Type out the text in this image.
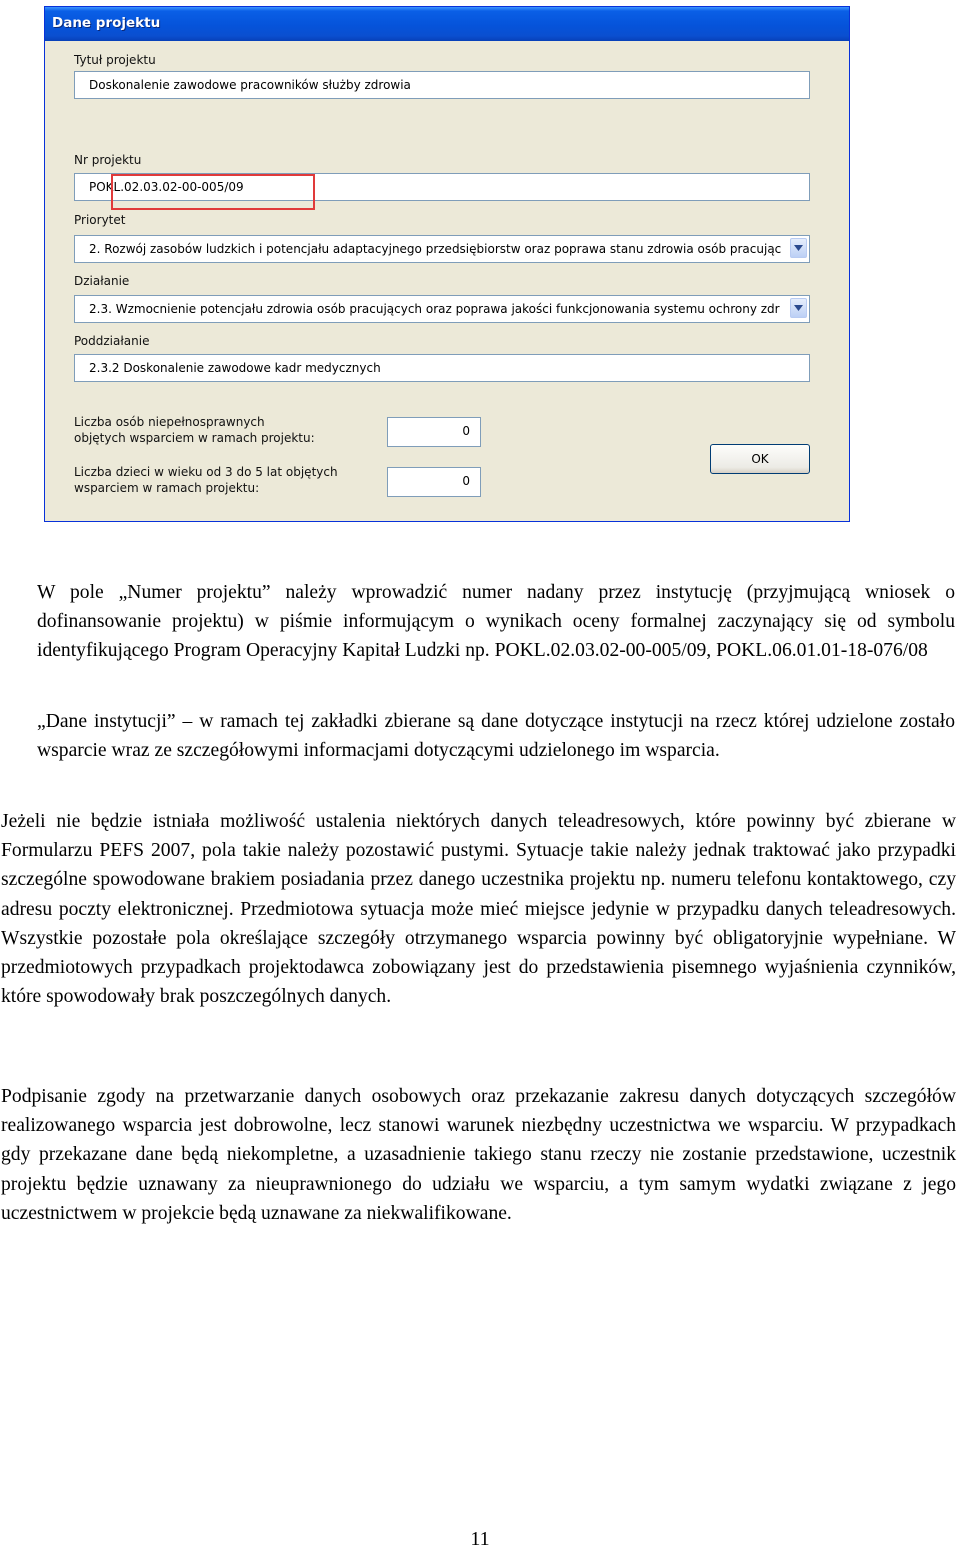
Dane projektu
Tytuł projektu
Doskonalenie zawodowe pracowników służby zdrowia
Nr projektu
POKL.02.03.02-00-005/09
Priorytet
2. Rozwój zasobów ludzkich i potencjału adaptacyjnego przedsiębiorstw oraz poprawa stanu zdrowia osób pracując
Działanie
2.3. Wzmocnienie potencjału zdrowia osób pracujących oraz poprawa jakości funkcjonowania systemu ochrony zdr
Poddziałanie
2.3.2 Doskonalenie zawodowe kadr medycznych
Liczba osób niepełnosprawnych
objętych wsparciem w ramach projektu:	0
Liczba dzieci w wieku od 3 do 5 lat objętych
wsparciem w ramach projektu:	0
OK

W pole „Numer projektu” należy wprowadzić numer nadany przez instytucję (przyjmującą wniosek o dofinansowanie projektu) w piśmie informującym o wynikach oceny formalnej zaczynający się od symbolu identyfikującego Program Operacyjny Kapitał Ludzki np. POKL.02.03.02-00-005/09, POKL.06.01.01-18-076/08

„Dane instytucji” – w ramach tej zakładki zbierane są dane dotyczące instytucji na rzecz której udzielone zostało wsparcie wraz ze szczegółowymi informacjami dotyczącymi udzielonego im wsparcia.

Jeżeli nie będzie istniała możliwość ustalenia niektórych danych teleadresowych, które powinny być zbierane w Formularzu PEFS 2007, pola takie należy pozostawić pustymi. Sytuacje takie należy jednak traktować jako przypadki szczególne spowodowane brakiem posiadania przez danego uczestnika projektu np. numeru telefonu kontaktowego, czy adresu poczty elektronicznej. Przedmiotowa sytuacja może mieć miejsce jedynie w przypadku danych teleadresowych. Wszystkie pozostałe pola określające szczegóły otrzymanego wsparcia powinny być obligatoryjnie wypełniane. W przedmiotowych przypadkach projektodawca zobowiązany jest do przedstawienia pisemnego wyjaśnienia czynników, które spowodowały brak poszczególnych danych.

Podpisanie zgody na przetwarzanie danych osobowych oraz przekazanie zakresu danych dotyczących szczegółów realizowanego wsparcia jest dobrowolne, lecz stanowi warunek niezbędny uczestnictwa we wsparciu. W przypadkach gdy przekazane dane będą niekompletne, a uzasadnienie takiego stanu rzeczy nie zostanie przedstawione, uczestnik projektu będzie uznawany za nieuprawnionego do udziału we wsparciu, a tym samym wydatki związane z jego uczestnictwem w projekcie będą uznawane za niekwalifikowane.

11
